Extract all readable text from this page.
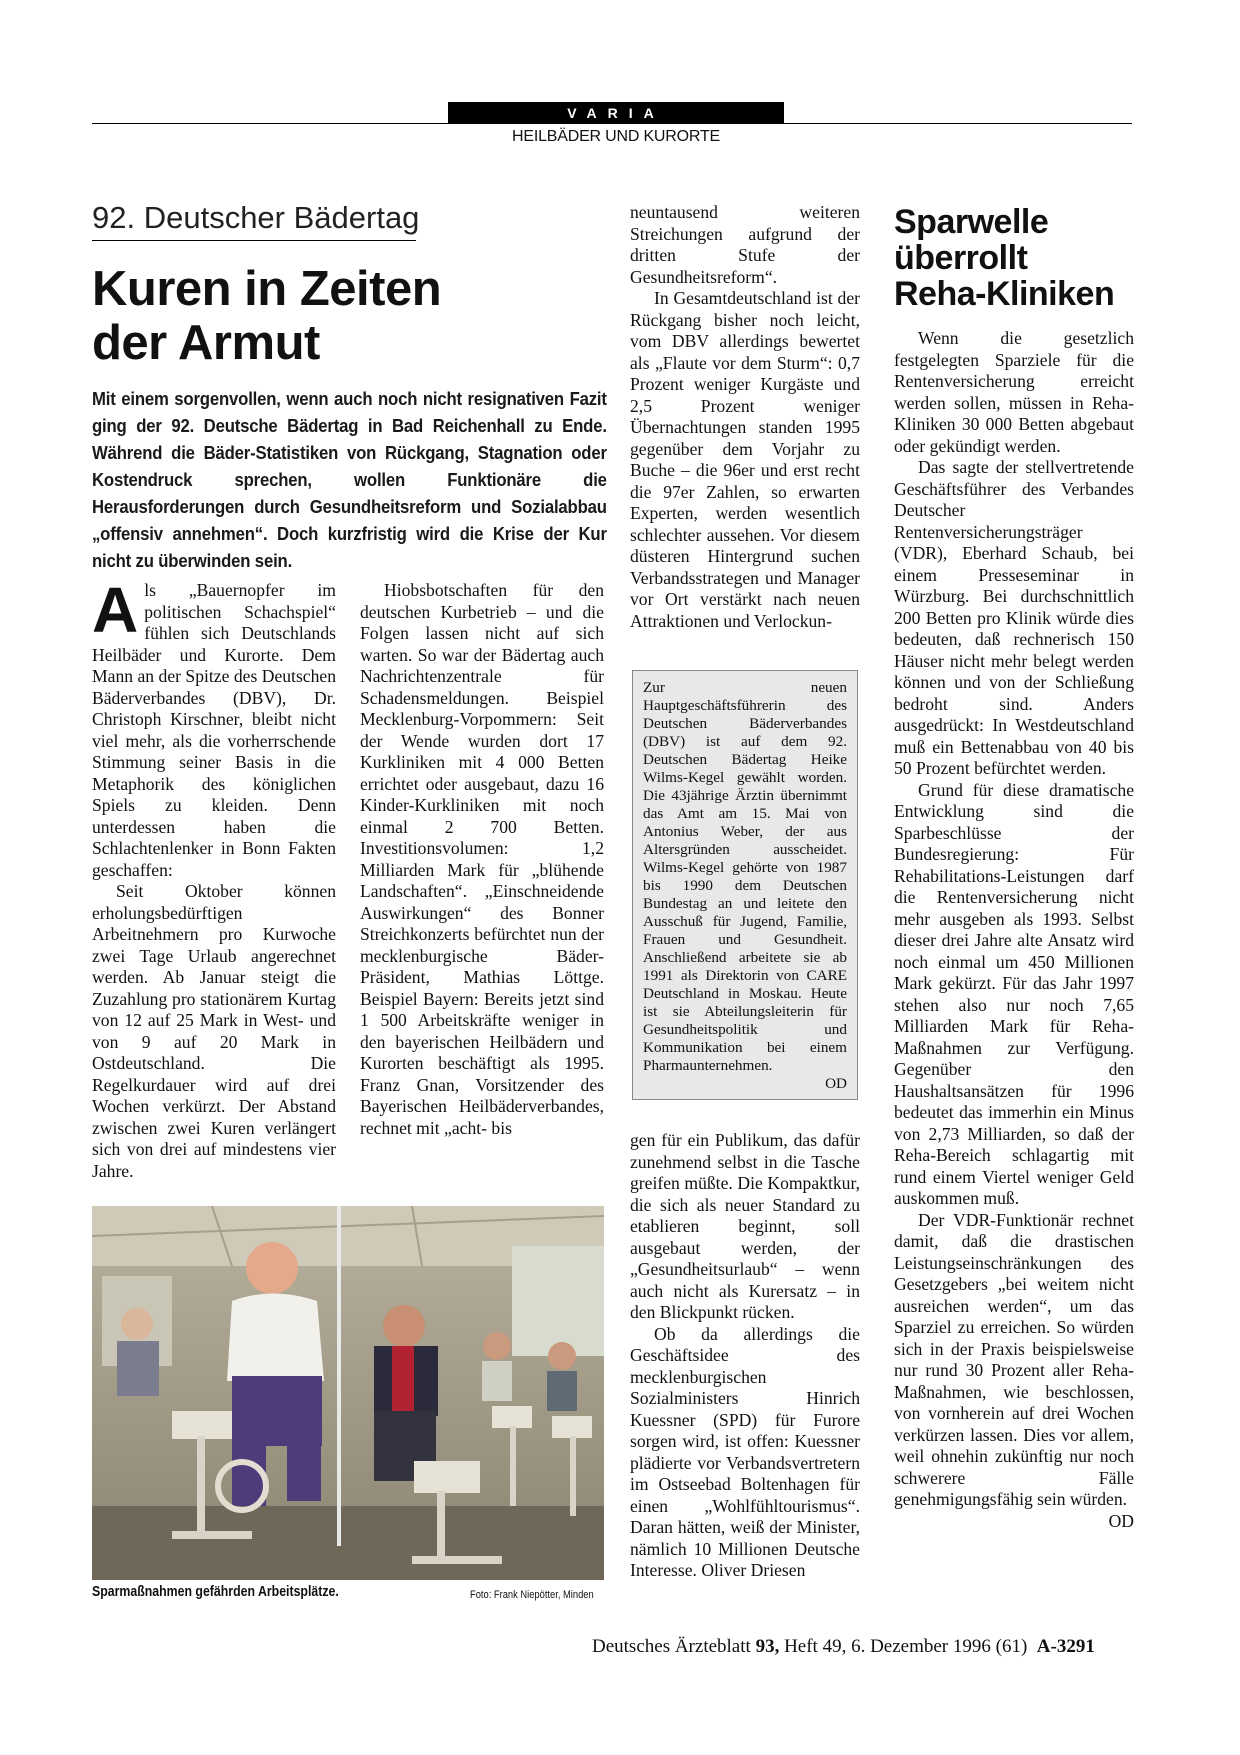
VARIA
HEILBÄDER UND KURORTE
92. Deutscher Bädertag
Kuren in Zeiten
der Armut
Mit einem sorgenvollen, wenn auch noch nicht resignativen Fazit ging der 92. Deutsche Bädertag in Bad Reichenhall zu Ende. Während die Bäder-Statistiken von Rückgang, Stagnation oder Kostendruck sprechen, wollen Funktionäre die Herausforderungen durch Gesundheitsreform und Sozialabbau „offensiv annehmen“. Doch kurzfristig wird die Krise der Kur nicht zu überwinden sein.

Als „Bauernopfer im politischen Schachspiel“ fühlen sich Deutschlands Heilbäder und Kurorte. Dem Mann an der Spitze des Deutschen Bäderverbandes (DBV), Dr. Christoph Kirschner, bleibt nicht viel mehr, als die vorherrschende Stimmung seiner Basis in die Metaphorik des königlichen Spiels zu kleiden. Denn unterdessen haben die Schlachtenlenker in Bonn Fakten geschaffen:

Seit Oktober können erholungsbedürftigen Arbeitnehmern pro Kurwoche zwei Tage Urlaub angerechnet werden. Ab Januar steigt die Zuzahlung pro stationärem Kurtag von 12 auf 25 Mark in West- und von 9 auf 20 Mark in Ostdeutschland. Die Regelkurdauer wird auf drei Wochen verkürzt. Der Abstand zwischen zwei Kuren verlängert sich von drei auf mindestens vier Jahre.

Hiobsbotschaften für den deutschen Kurbetrieb – und die Folgen lassen nicht auf sich warten. So war der Bädertag auch Nachrichtenzentrale für Schadensmeldungen. Beispiel Mecklenburg-Vorpommern: Seit der Wende wurden dort 17 Kurkliniken mit 4 000 Betten errichtet oder ausgebaut, dazu 16 Kinder-Kurkliniken mit noch einmal 2 700 Betten. Investitionsvolumen: 1,2 Milliarden Mark für „blühende Landschaften“. „Einschneidende Auswirkungen“ des Bonner Streichkonzerts befürchtet nun der mecklenburgische Bäder-Präsident, Mathias Löttge. Beispiel Bayern: Bereits jetzt sind 1 500 Arbeitskräfte weniger in den bayerischen Heilbädern und Kurorten beschäftigt als 1995. Franz Gnan, Vorsitzender des Bayerischen Heilbäderverbandes, rechnet mit „acht- bis

Sparmaßnahmen gefährden Arbeitsplätze.	Foto: Frank Niepötter, Minden

neuntausend weiteren Streichungen aufgrund der dritten Stufe der Gesundheitsreform“.

In Gesamtdeutschland ist der Rückgang bisher noch leicht, vom DBV allerdings bewertet als „Flaute vor dem Sturm“: 0,7 Prozent weniger Kurgäste und 2,5 Prozent weniger Übernachtungen standen 1995 gegenüber dem Vorjahr zu Buche – die 96er und erst recht die 97er Zahlen, so erwarten Experten, werden wesentlich schlechter aussehen. Vor diesem düsteren Hintergrund suchen Verbandsstrategen und Manager vor Ort verstärkt nach neuen Attraktionen und Verlockun-

Zur neuen Hauptgeschäftsführerin des Deutschen Bäderverbandes (DBV) ist auf dem 92. Deutschen Bädertag Heike Wilms-Kegel gewählt worden. Die 43jährige Ärztin übernimmt das Amt am 15. Mai von Antonius Weber, der aus Altersgründen ausscheidet. Wilms-Kegel gehörte von 1987 bis 1990 dem Deutschen Bundestag an und leitete den Ausschuß für Jugend, Familie, Frauen und Gesundheit. Anschließend arbeitete sie ab 1991 als Direktorin von CARE Deutschland in Moskau. Heute ist sie Abteilungsleiterin für Gesundheitspolitik und Kommunikation bei einem Pharmaunternehmen.
OD

gen für ein Publikum, das dafür zunehmend selbst in die Tasche greifen müßte. Die Kompaktkur, die sich als neuer Standard zu etablieren beginnt, soll ausgebaut werden, der „Gesundheitsurlaub“ – wenn auch nicht als Kurersatz – in den Blickpunkt rücken.

Ob da allerdings die Geschäftsidee des mecklenburgischen Sozialministers Hinrich Kuessner (SPD) für Furore sorgen wird, ist offen: Kuessner plädierte vor Verbandsvertretern im Ostseebad Boltenhagen für einen „Wohlfühltourismus“. Daran hätten, weiß der Minister, nämlich 10 Millionen Deutsche Interesse. Oliver Driesen

Sparwelle
überrollt
Reha-Kliniken

Wenn die gesetzlich festgelegten Sparziele für die Rentenversicherung erreicht werden sollen, müssen in Reha-Kliniken 30 000 Betten abgebaut oder gekündigt werden.

Das sagte der stellvertretende Geschäftsführer des Verbandes Deutscher Rentenversicherungsträger (VDR), Eberhard Schaub, bei einem Presseseminar in Würzburg. Bei durchschnittlich 200 Betten pro Klinik würde dies bedeuten, daß rechnerisch 150 Häuser nicht mehr belegt werden können und von der Schließung bedroht sind. Anders ausgedrückt: In Westdeutschland muß ein Bettenabbau von 40 bis 50 Prozent befürchtet werden.

Grund für diese dramatische Entwicklung sind die Sparbeschlüsse der Bundesregierung: Für Rehabilitations-Leistungen darf die Rentenversicherung nicht mehr ausgeben als 1993. Selbst dieser drei Jahre alte Ansatz wird noch einmal um 450 Millionen Mark gekürzt. Für das Jahr 1997 stehen also nur noch 7,65 Milliarden Mark für Reha-Maßnahmen zur Verfügung. Gegenüber den Haushaltsansätzen für 1996 bedeutet das immerhin ein Minus von 2,73 Milliarden, so daß der Reha-Bereich schlagartig mit rund einem Viertel weniger Geld auskommen muß.

Der VDR-Funktionär rechnet damit, daß die drastischen Leistungseinschränkungen des Gesetzgebers „bei weitem nicht ausreichen werden“, um das Sparziel zu erreichen. So würden sich in der Praxis beispielsweise nur rund 30 Prozent aller Reha-Maßnahmen, wie beschlossen, von vornherein auf drei Wochen verkürzen lassen. Dies vor allem, weil ohnehin zukünftig nur noch schwerere Fälle genehmigungsfähig sein würden.

OD
Deutsches Ärzteblatt 93, Heft 49, 6. Dezember 1996 (61) A-3291
